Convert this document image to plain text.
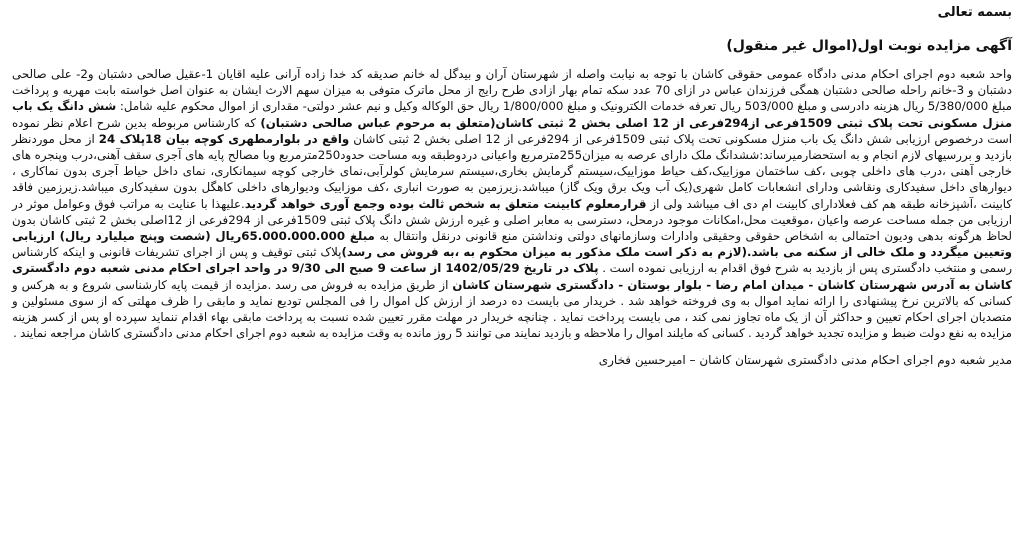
بسمه تعالی
آگهی مزایده نوبت اول(اموال غیر منقول)

واحد شعبه دوم اجرای احکام مدنی دادگاه عمومی حقوقی کاشان با توجه به نیابت واصله از شهرستان آران و بیدگل له خانم صدیقه کد خدا زاده آرانی علیه اقایان 1-عقیل صالحی دشتبان و2- علی صالحی دشتبان و 3-خانم راحله صالحی دشتبان همگی فرزندان عباس در ازای 70 عدد سکه تمام بهار ازادی طرح رایج از محل ماترک متوفی به میزان سهم الارث ایشان به عنوان اصل خواسته بابت مهریه و پرداخت مبلغ 5/380/000 ریال هزینه دادرسی و مبلغ 503/000 ریال تعرفه خدمات الکترونیک و مبلغ 1/800/000 ریال حق الوکاله وکیل و نیم عشر دولتی- مقداری از اموال محکوم علیه شامل: شش دانگ یک باب منزل مسکونی تحت پلاک ثبتی 1509فرعی از294فرعی از 12 اصلی بخش 2 ثبتی کاشان(متعلق به مرحوم عباس صالحی دشتبان) که کارشناس مربوطه بدین شرح اعلام نظر نموده است درخصوص ارزیابی شش دانگ یک باب منزل مسکونی تحت پلاک ثبتی 1509فرعی از 294فرعی از 12 اصلی بخش 2 ثبتی کاشان واقع در بلوارمطهری کوچه بیان 18پلاک 24 از محل موردنظر بازدید و بررسیهای لازم انجام و به استحضارمیرساند:ششدانگ ملک دارای عرصه به میزان255مترمربع واعیانی دردوطبقه وبه مساحت حدود250مترمربع وبا مصالح پایه های آجری سقف آهنی،درب وپنجره های خارجی آهنی ،درب های داخلی چوبی ،کف ساختمان موزاییک،کف حیاط موزاییک،سیستم گرمایش بخاری،سیستم سرمایش کولرآبی،نمای خارجی کوچه سیمانکاری، نمای داخل حیاط آجری بدون نماکاری ، دیوارهای داخل سفیدکاری ونقاشی ودارای انشعابات کامل شهری(یک آب ویک برق ویک گاز) میباشد.زیرزمین به صورت انباری ،کف موزاییک ودیوارهای داخلی کاهگل بدون سفیدکاری میباشد.زیرزمین فاقد کابینت ،آشپزخانه طبقه هم کف فعلادارای کابینت ام دی اف میباشد ولی از قرارمعلوم کابینت متعلق به شخص ثالث بوده وجمع آوری خواهد گردید.علیهذا با عنایت به مراتب فوق وعوامل موثر در ارزیابی من جمله مساحت عرصه واعیان ،موقعیت محل،امکانات موجود درمحل، دسترسی به معابر اصلی و غیره ارزش شش دانگ پلاک ثبتی 1509فرعی از 294فرعی از 12اصلی بخش 2 ثبتی کاشان بدون لحاظ هرگونه بدهی ودیون احتمالی به اشخاص حقوقی وحقیقی وادارات وسازمانهای دولتی ونداشتن منع قانونی درنقل وانتقال به مبلغ 65.000.000.000ریال (شصت وپنج میلیارد ریال) ارزیابی وتعیین میگردد و ملک خالی از سکنه می باشد.(لازم به ذکر است ملک مذکور به میزان محکوم به ،به فروش می رسد)پلاک ثبتی توقیف و پس از اجرای تشریفات قانونی و اینکه کارشناس رسمی و منتخب دادگستری پس از بازدید به شرح فوق اقدام به ارزیابی نموده است . پلاک در تاریخ 1402/05/29 از ساعت 9 صبح الی 9/30 در واحد اجرای احکام مدنی شعبه دوم دادگستری کاشان به آدرس شهرستان کاشان - میدان امام رضا - بلوار بوستان - دادگستری شهرستان کاشان از طریق مزایده به فروش می رسد .مزایده از قیمت پایه کارشناسی شروع و به هرکس و کسانی که بالاترین نرخ پیشنهادی را ارائه نماید اموال به وی فروخته خواهد شد . خریدار می بایست ده درصد از ارزش کل اموال را فی المجلس تودیع نماید و مابقی را ظرف مهلتی که از سوی مسئولین و متصدیان اجرای احکام تعیین و حداکثر آن از یک ماه تجاوز نمی کند ، می بایست پرداخت نماید . چنانچه خریدار در مهلت مقرر تعیین شده نسبت به پرداخت مابقی بهاء اقدام ننماید سپرده او پس از کسر هزینه مزایده به نفع دولت ضبط و مزایده تجدید خواهد گردید . کسانی که مایلند اموال را ملاحظه و بازدید نمایند می توانند 5 روز مانده به وقت مزایده به شعبه دوم اجرای احکام مدنی دادگستری کاشان مراجعه نمایند .

مدیر شعبه دوم اجرای احکام مدنی دادگستری شهرستان کاشان – امیرحسین فخاری
